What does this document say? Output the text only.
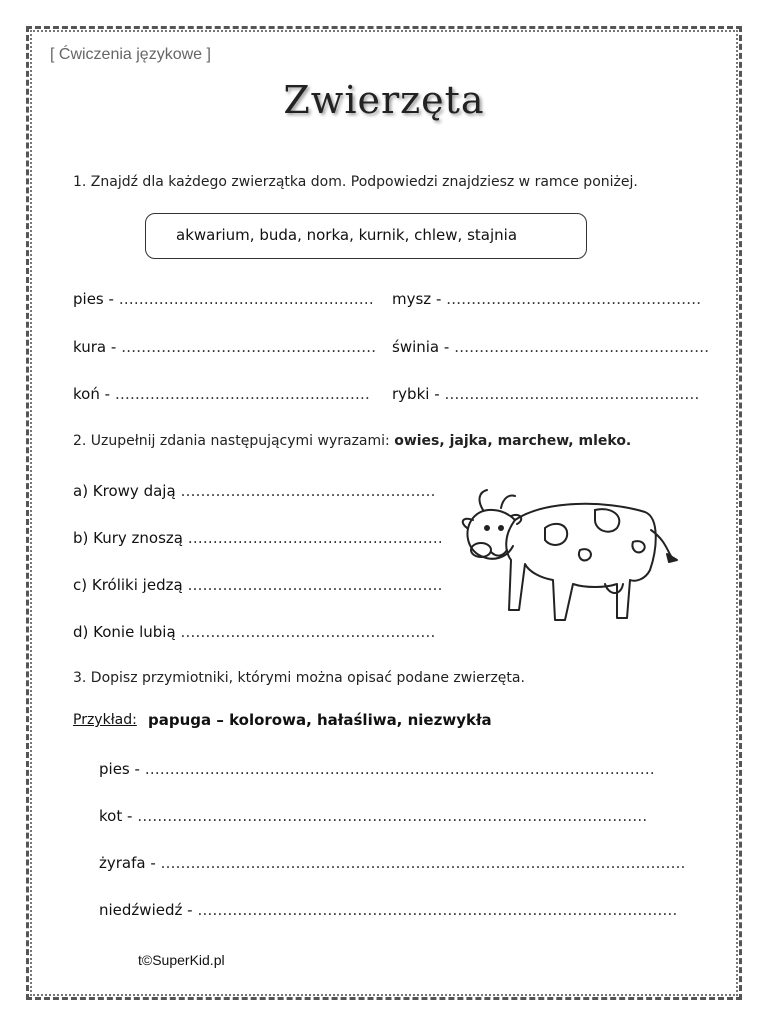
[ Ćwiczenia językowe ]
Zwierzęta
1. Znajdź dla każdego zwierzątka dom. Podpowiedzi znajdziesz w ramce poniżej.
akwarium, buda, norka, kurnik, chlew, stajnia
pies - …………………………………………… mysz - ……………………………………………
kura - …………………………………………… świnia - ……………………………………………
koń - …………………………………………… rybki - ……………………………………………
2. Uzupełnij zdania następującymi wyrazami: owies, jajka, marchew, mleko.
a) Krowy dają ……………………………………………
b) Kury znoszą ……………………………………………
c) Króliki jedzą ……………………………………………
d) Konie lubią ……………………………………………
3. Dopisz przymiotniki, którymi można opisać podane zwierzęta.
Przykład: papuga – kolorowa, hałaśliwa, niezwykła
pies - …………………………………………………………………………………………
kot - …………………………………………………………………………………………
żyrafa - ……………………………………………………………………………………………
niedźwiedź - ……………………………………………………………………………………
t©SuperKid.pl
